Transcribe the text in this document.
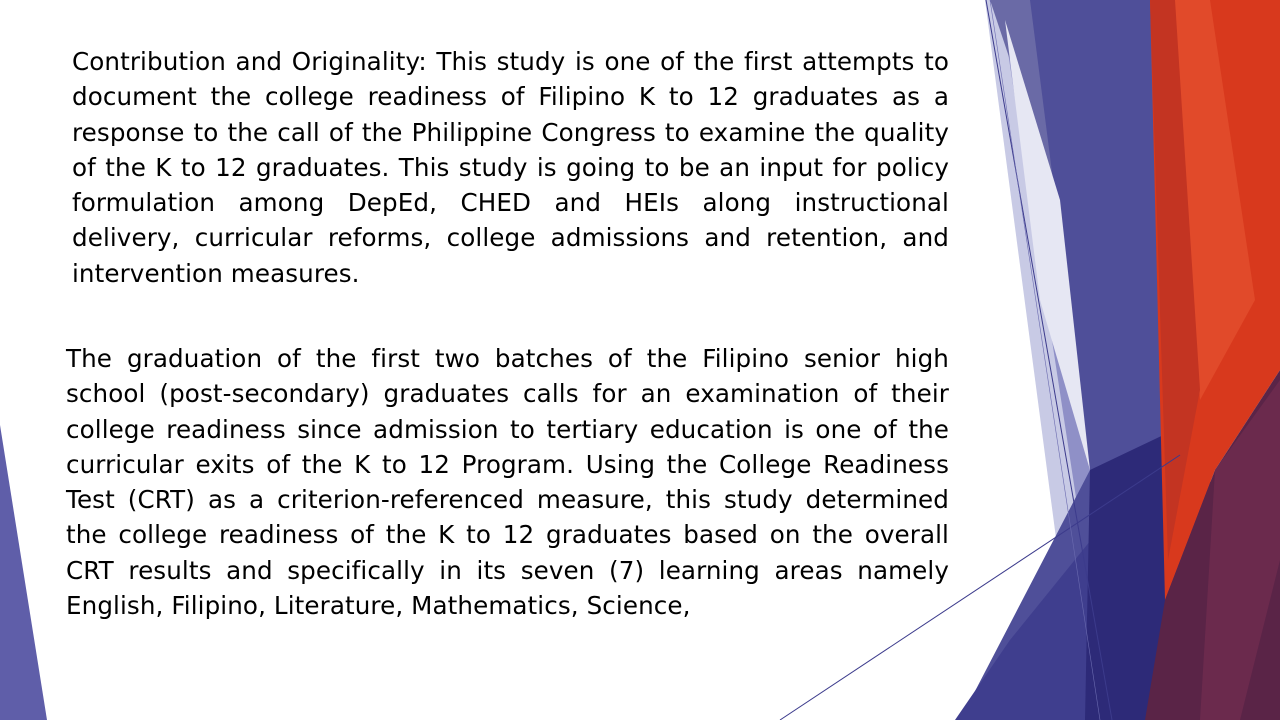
Contribution and Originality: This study is one of the first attempts to document the college readiness of Filipino K to 12 graduates as a response to the call of the Philippine Congress to examine the quality of the K to 12 graduates. This study is going to be an input for policy formulation among DepEd, CHED and HEIs along instructional delivery, curricular reforms, college admissions and retention, and intervention measures.

The graduation of the first two batches of the Filipino senior high school (post-secondary) graduates calls for an examination of their college readiness since admission to tertiary education is one of the curricular exits of the K to 12 Program. Using the College Readiness Test (CRT) as a criterion-referenced measure, this study determined the college readiness of the K to 12 graduates based on the overall CRT results and specifically in its seven (7) learning areas namely English, Filipino, Literature, Mathematics, Science,
